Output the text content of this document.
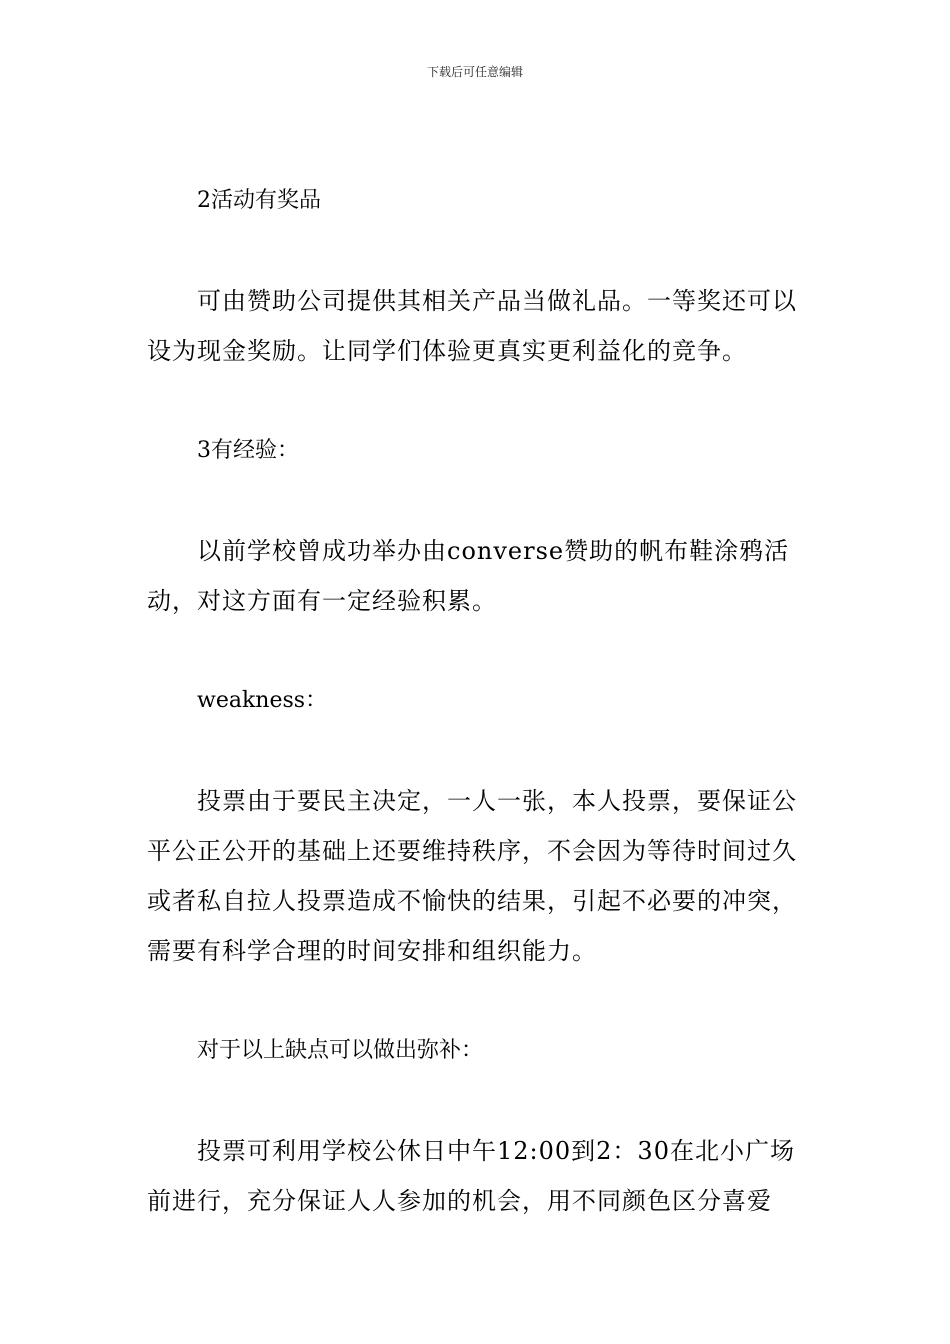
下载后可任意编辑

2活动有奖品

可由赞助公司提供其相关产品当做礼品。一等奖还可以设为现金奖励。让同学们体验更真实更利益化的竞争。

3有经验：

以前学校曾成功举办由converse赞助的帆布鞋涂鸦活动，对这方面有一定经验积累。

weakness：

投票由于要民主决定，一人一张，本人投票，要保证公平公正公开的基础上还要维持秩序，不会因为等待时间过久或者私自拉人投票造成不愉快的结果，引起不必要的冲突，需要有科学合理的时间安排和组织能力。

对于以上缺点可以做出弥补：

投票可利用学校公休日中午12:00到2：30在北小广场前进行，充分保证人人参加的机会，用不同颜色区分喜爱
